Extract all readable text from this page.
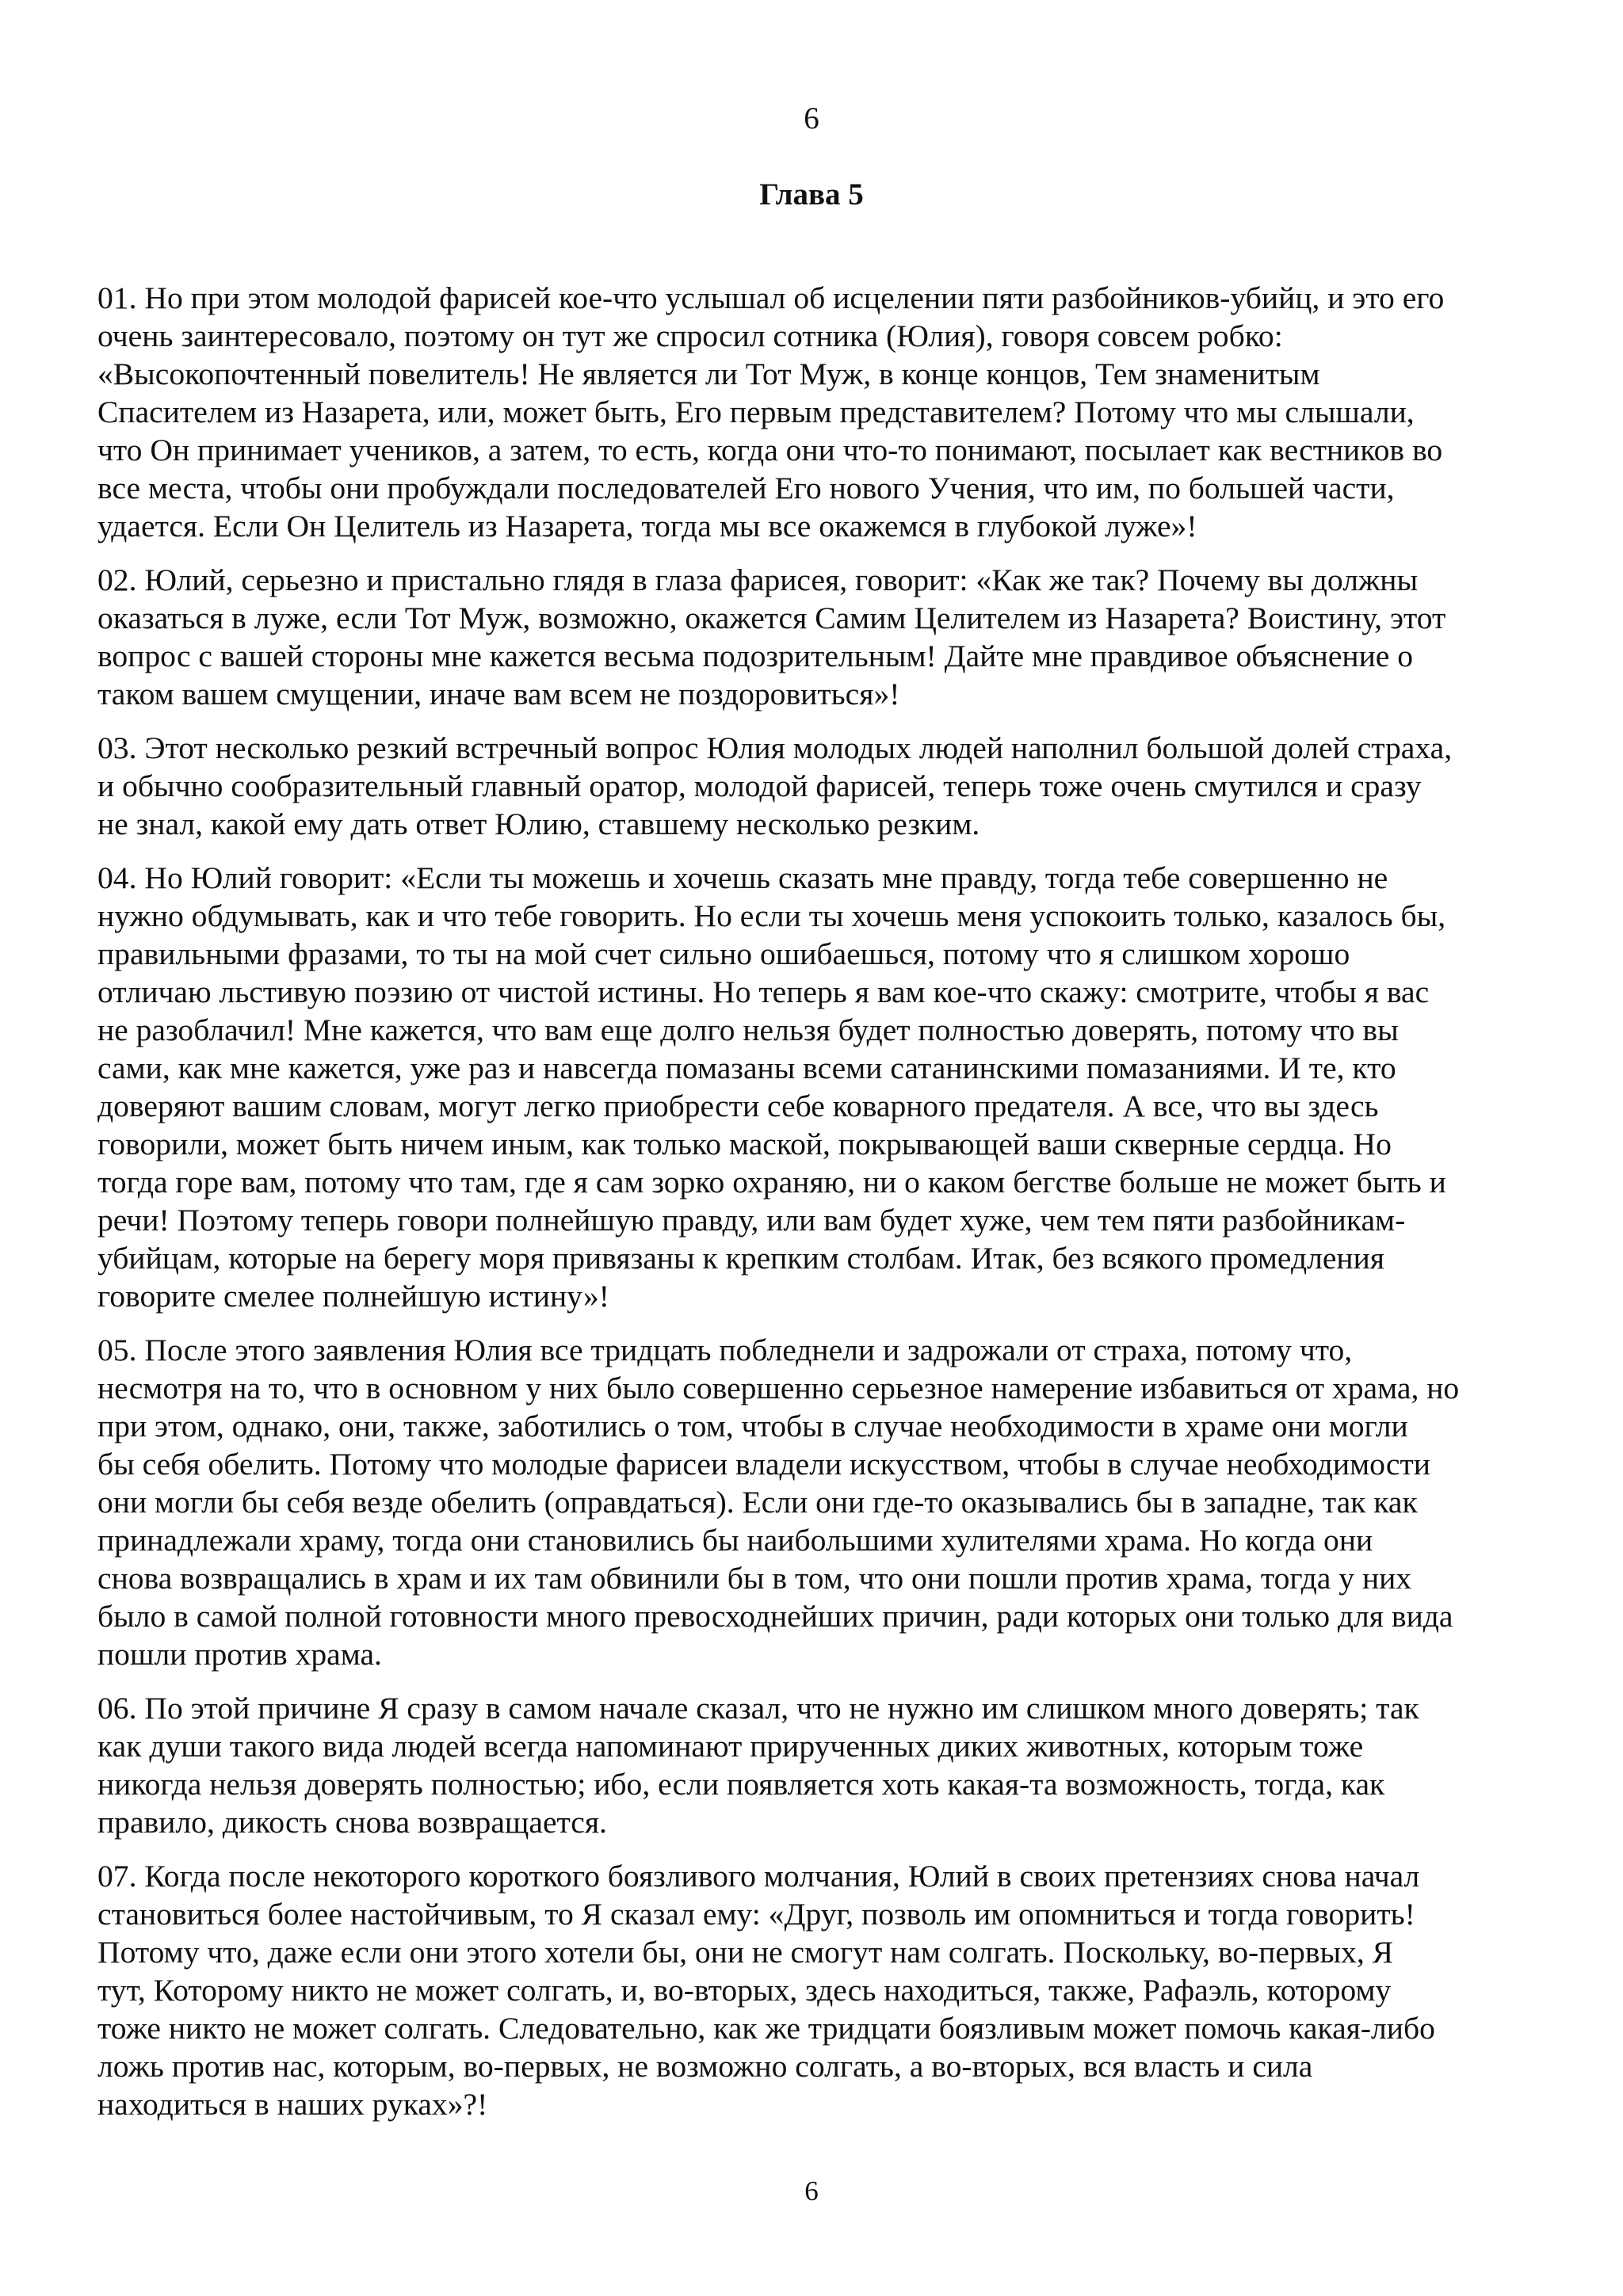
6
Глава 5

01. Но при этом молодой фарисей кое-что услышал об исцелении пяти разбойников-убийц, и это его
очень заинтересовало, поэтому он тут же спросил сотника (Юлия), говоря совсем робко:
«Высокопочтенный повелитель! Не является ли Тот Муж, в конце концов, Тем знаменитым
Спасителем из Назарета, или, может быть, Его первым представителем? Потому что мы слышали,
что Он принимает учеников, а затем, то есть, когда они что-то понимают, посылает как вестников во
все места, чтобы они пробуждали последователей Его нового Учения, что им, по большей части,
удается. Если Он Целитель из Назарета, тогда мы все окажемся в глубокой луже»!

02. Юлий, серьезно и пристально глядя в глаза фарисея, говорит: «Как же так? Почему вы должны
оказаться в луже, если Тот Муж, возможно, окажется Самим Целителем из Назарета? Воистину, этот
вопрос с вашей стороны мне кажется весьма подозрительным! Дайте мне правдивое объяснение о
таком вашем смущении, иначе вам всем не поздоровиться»!

03. Этот несколько резкий встречный вопрос Юлия молодых людей наполнил большой долей страха,
и обычно сообразительный главный оратор, молодой фарисей, теперь тоже очень смутился и сразу
не знал, какой ему дать ответ Юлию, ставшему несколько резким.

04. Но Юлий говорит: «Если ты можешь и хочешь сказать мне правду, тогда тебе совершенно не
нужно обдумывать, как и что тебе говорить. Но если ты хочешь меня успокоить только, казалось бы,
правильными фразами, то ты на мой счет сильно ошибаешься, потому что я слишком хорошо
отличаю льстивую поэзию от чистой истины. Но теперь я вам кое-что скажу: смотрите, чтобы я вас
не разоблачил! Мне кажется, что вам еще долго нельзя будет полностью доверять, потому что вы
сами, как мне кажется, уже раз и навсегда помазаны всеми сатанинскими помазаниями. И те, кто
доверяют вашим словам, могут легко приобрести себе коварного предателя. А все, что вы здесь
говорили, может быть ничем иным, как только маской, покрывающей ваши скверные сердца. Но
тогда горе вам, потому что там, где я сам зорко охраняю, ни о каком бегстве больше не может быть и
речи! Поэтому теперь говори полнейшую правду, или вам будет хуже, чем тем пяти разбойникам-
убийцам, которые на берегу моря привязаны к крепким столбам. Итак, без всякого промедления
говорите смелее полнейшую истину»!

05. После этого заявления Юлия все тридцать побледнели и задрожали от страха, потому что,
несмотря на то, что в основном у них было совершенно серьезное намерение избавиться от храма, но
при этом, однако, они, также, заботились о том, чтобы в случае необходимости в храме они могли
бы себя обелить. Потому что молодые фарисеи владели искусством, чтобы в случае необходимости
они могли бы себя везде обелить (оправдаться). Если они где-то оказывались бы в западне, так как
принадлежали храму, тогда они становились бы наибольшими хулителями храма. Но когда они
снова возвращались в храм и их там обвинили бы в том, что они пошли против храма, тогда у них
было в самой полной готовности много превосходнейших причин, ради которых они только для вида
пошли против храма.

06. По этой причине Я сразу в самом начале сказал, что не нужно им слишком много доверять; так
как души такого вида людей всегда напоминают прирученных диких животных, которым тоже
никогда нельзя доверять полностью; ибо, если появляется хоть какая-та возможность, тогда, как
правило, дикость снова возвращается.

07. Когда после некоторого короткого боязливого молчания, Юлий в своих претензиях снова начал
становиться более настойчивым, то Я сказал ему: «Друг, позволь им опомниться и тогда говорить!
Потому что, даже если они этого хотели бы, они не смогут нам солгать. Поскольку, во-первых, Я
тут, Которому никто не может солгать, и, во-вторых, здесь находиться, также, Рафаэль, которому
тоже никто не может солгать. Следовательно, как же тридцати боязливым может помочь какая-либо
ложь против нас, которым, во-первых, не возможно солгать, а во-вторых, вся власть и сила
находиться в наших руках»?!

6
